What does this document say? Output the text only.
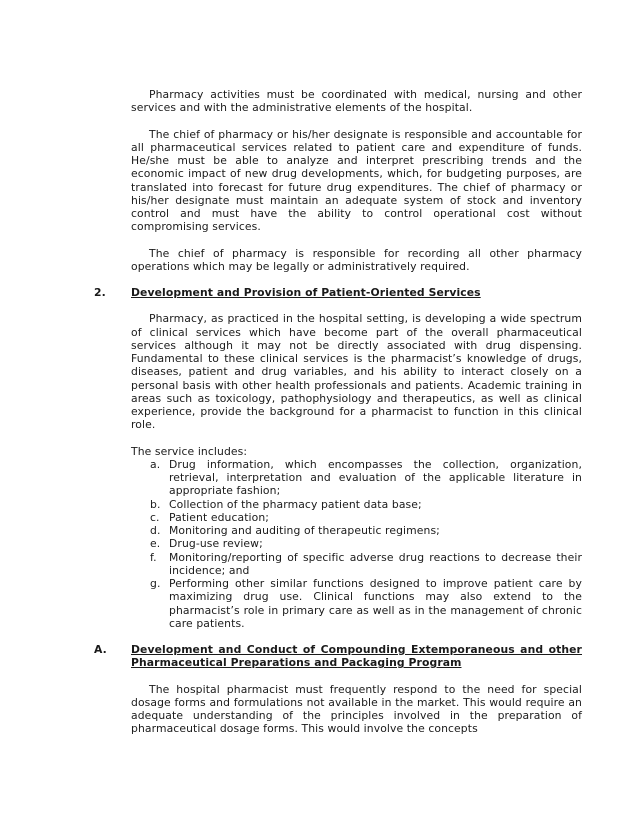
Pharmacy activities must be coordinated with medical, nursing and other services and with the administrative elements of the hospital.

The chief of pharmacy or his/her designate is responsible and accountable for all pharmaceutical services related to patient care and expenditure of funds. He/she must be able to analyze and interpret prescribing trends and the economic impact of new drug developments, which, for budgeting purposes, are translated into forecast for future drug expenditures. The chief of pharmacy or his/her designate must maintain an adequate system of stock and inventory control and must have the ability to control operational cost without compromising services.

The chief of pharmacy is responsible for recording all other pharmacy operations which may be legally or administratively required.

2. Development and Provision of Patient-Oriented Services

Pharmacy, as practiced in the hospital setting, is developing a wide spectrum of clinical services which have become part of the overall pharmaceutical services although it may not be directly associated with drug dispensing. Fundamental to these clinical services is the pharmacist’s knowledge of drugs, diseases, patient and drug variables, and his ability to interact closely on a personal basis with other health professionals and patients. Academic training in areas such as toxicology, pathophysiology and therapeutics, as well as clinical experience, provide the background for a pharmacist to function in this clinical role.

The service includes:

a. Drug information, which encompasses the collection, organization, retrieval, interpretation and evaluation of the applicable literature in appropriate fashion;
b. Collection of the pharmacy patient data base;
c. Patient education;
d. Monitoring and auditing of therapeutic regimens;
e. Drug-use review;
f. Monitoring/reporting of specific adverse drug reactions to decrease their incidence; and
g. Performing other similar functions designed to improve patient care by maximizing drug use. Clinical functions may also extend to the pharmacist’s role in primary care as well as in the management of chronic care patients.
A. Development and Conduct of Compounding Extemporaneous and other Pharmaceutical Preparations and Packaging Program

The hospital pharmacist must frequently respond to the need for special dosage forms and formulations not available in the market. This would require an adequate understanding of the principles involved in the preparation of pharmaceutical dosage forms. This would involve the concepts
